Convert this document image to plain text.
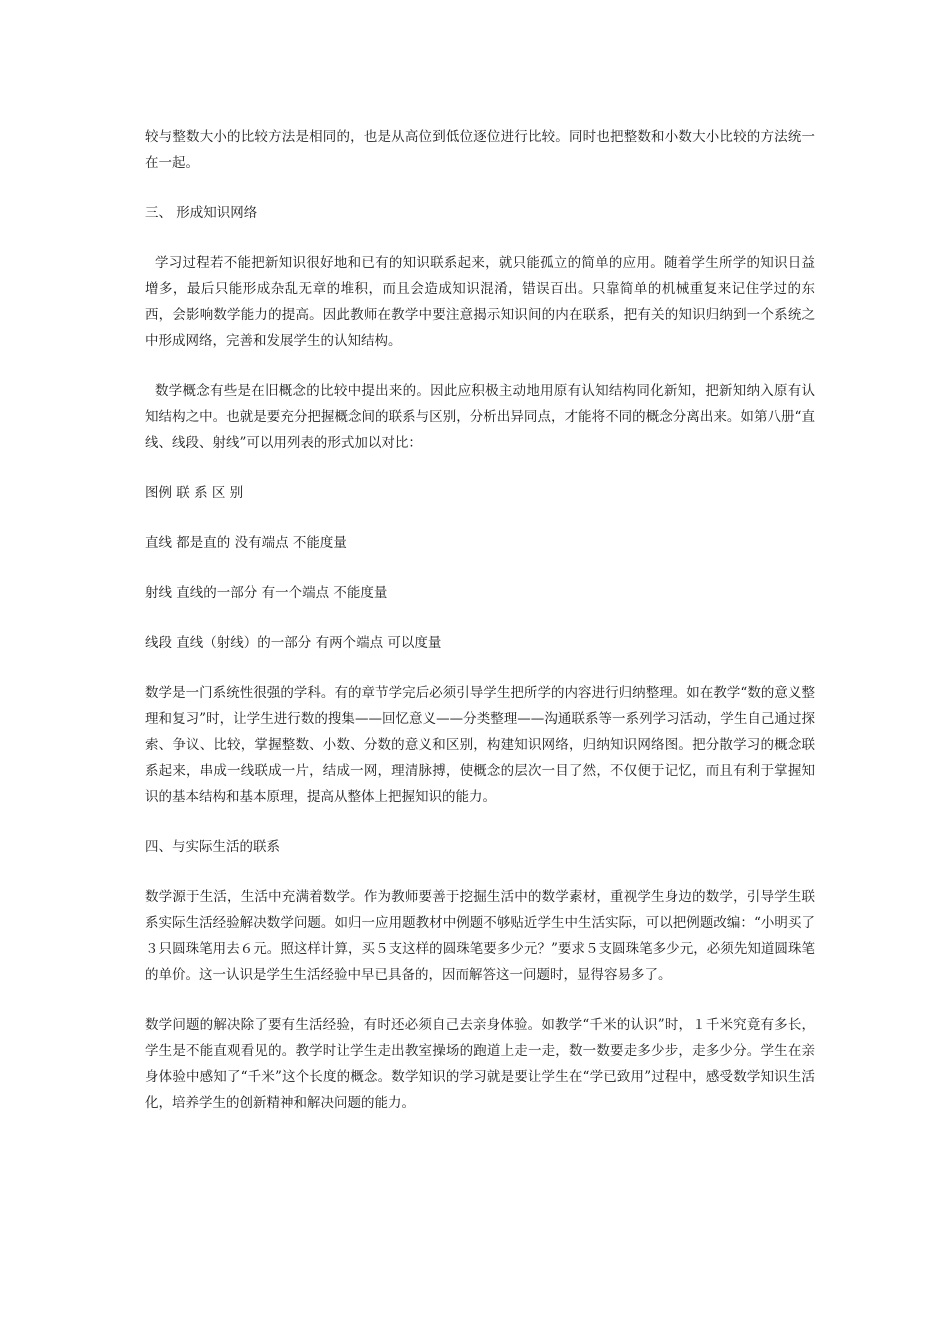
较与整数大小的比较方法是相同的，也是从高位到低位逐位进行比较。同时也把整数和小数大小比较的方法统一在一起。

三、 形成知识网络

学习过程若不能把新知识很好地和已有的知识联系起来，就只能孤立的简单的应用。随着学生所学的知识日益增多，最后只能形成杂乱无章的堆积，而且会造成知识混淆，错误百出。只靠简单的机械重复来记住学过的东西，会影响数学能力的提高。因此教师在教学中要注意揭示知识间的内在联系，把有关的知识归纳到一个系统之中形成网络，完善和发展学生的认知结构。

数学概念有些是在旧概念的比较中提出来的。因此应积极主动地用原有认知结构同化新知，把新知纳入原有认知结构之中。也就是要充分把握概念间的联系与区别，分析出异同点，才能将不同的概念分离出来。如第八册“直线、线段、射线”可以用列表的形式加以对比：

图例 联 系 区 别

直线 都是直的 没有端点 不能度量

射线 直线的一部分 有一个端点 不能度量

线段 直线（射线）的一部分 有两个端点 可以度量

数学是一门系统性很强的学科。有的章节学完后必须引导学生把所学的内容进行归纳整理。如在教学“数的意义整理和复习”时，让学生进行数的搜集——回忆意义——分类整理——沟通联系等一系列学习活动，学生自己通过探索、争议、比较，掌握整数、小数、分数的意义和区别，构建知识网络，归纳知识网络图。把分散学习的概念联系起来，串成一线联成一片，结成一网，理清脉搏，使概念的层次一目了然，不仅便于记忆，而且有利于掌握知识的基本结构和基本原理，提高从整体上把握知识的能力。

四、与实际生活的联系

数学源于生活，生活中充满着数学。作为教师要善于挖掘生活中的数学素材，重视学生身边的数学，引导学生联系实际生活经验解决数学问题。如归一应用题教材中例题不够贴近学生中生活实际，可以把例题改编：“小明买了３只圆珠笔用去６元。照这样计算，买５支这样的圆珠笔要多少元？”要求５支圆珠笔多少元，必须先知道圆珠笔的单价。这一认识是学生生活经验中早已具备的，因而解答这一问题时，显得容易多了。

数学问题的解决除了要有生活经验，有时还必须自己去亲身体验。如教学“千米的认识”时，１千米究竟有多长，学生是不能直观看见的。教学时让学生走出教室操场的跑道上走一走，数一数要走多少步，走多少分。学生在亲身体验中感知了“千米”这个长度的概念。数学知识的学习就是要让学生在“学已致用”过程中，感受数学知识生活化，培养学生的创新精神和解决问题的能力。
